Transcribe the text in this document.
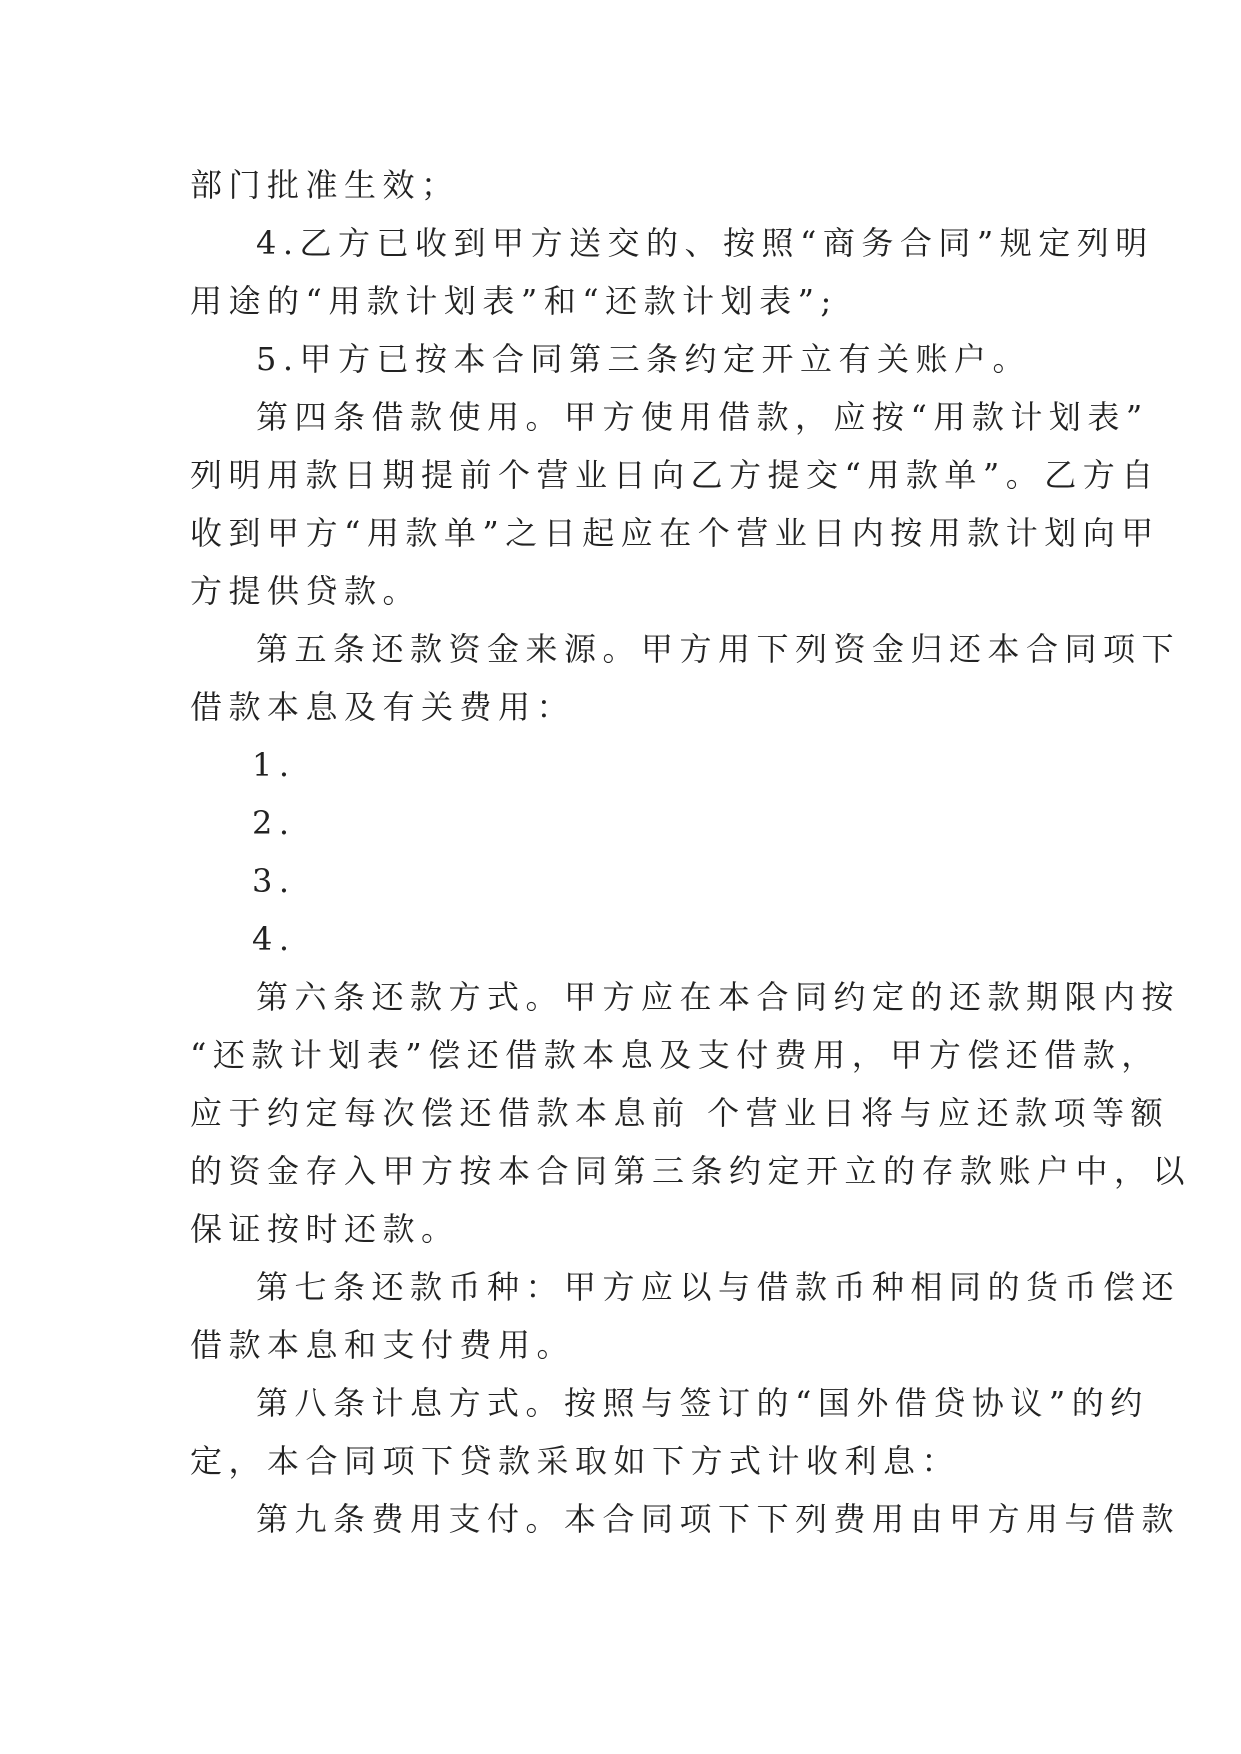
部门批准生效；
4.乙方已收到甲方送交的、按照“商务合同”规定列明
用途的“用款计划表”和“还款计划表”;
5.甲方已按本合同第三条约定开立有关账户。
第四条借款使用。甲方使用借款，应按“用款计划表”
列明用款日期提前个营业日向乙方提交“用款单”。乙方自
收到甲方“用款单”之日起应在个营业日内按用款计划向甲
方提供贷款。
第五条还款资金来源。甲方用下列资金归还本合同项下
借款本息及有关费用：
1.
2.
3.
4.
第六条还款方式。甲方应在本合同约定的还款期限内按
“还款计划表”偿还借款本息及支付费用，甲方偿还借款，
应于约定每次偿还借款本息前 个营业日将与应还款项等额
的资金存入甲方按本合同第三条约定开立的存款账户中，以
保证按时还款。
第七条还款币种：甲方应以与借款币种相同的货币偿还
借款本息和支付费用。
第八条计息方式。按照与签订的“国外借贷协议”的约
定，本合同项下贷款采取如下方式计收利息：
第九条费用支付。本合同项下下列费用由甲方用与借款
